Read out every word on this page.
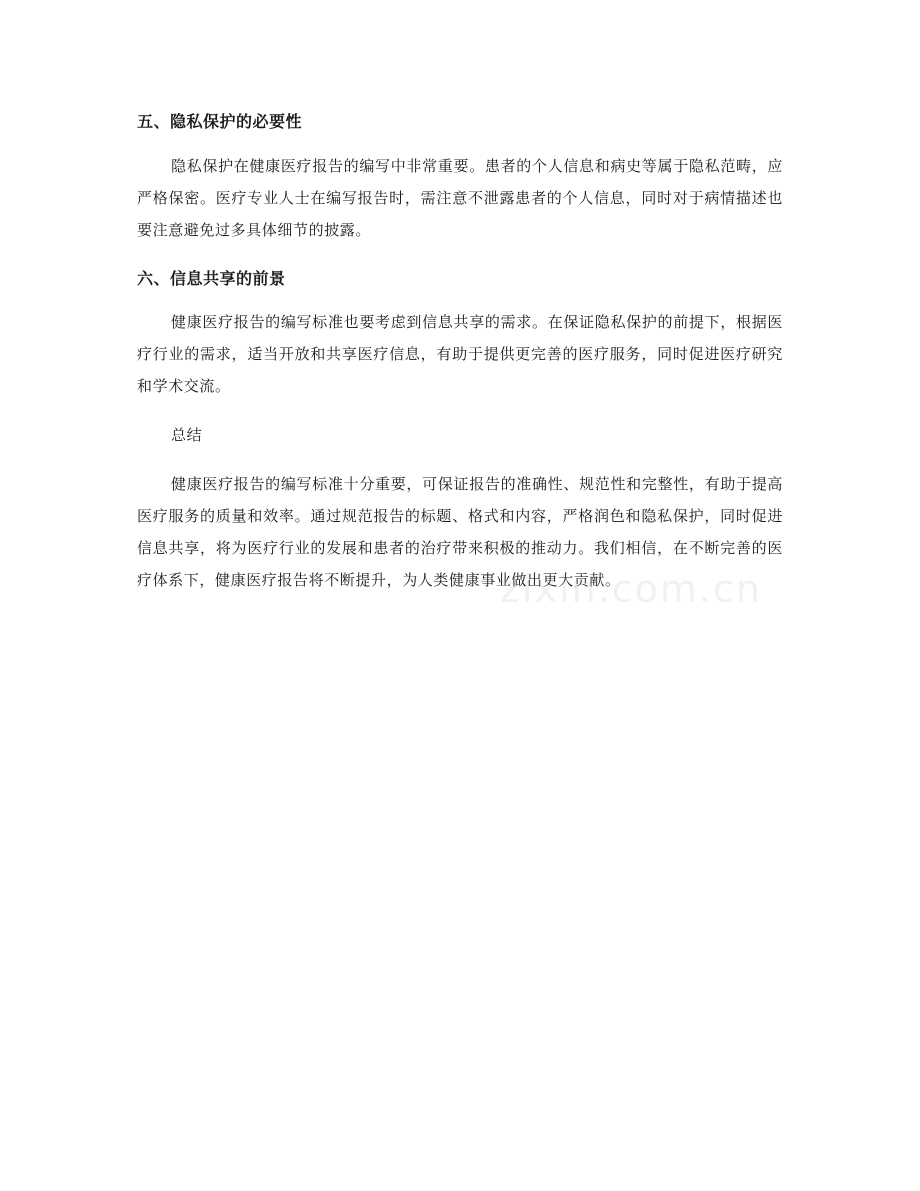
五、隐私保护的必要性

隐私保护在健康医疗报告的编写中非常重要。患者的个人信息和病史等属于隐私范畴，应严格保密。医疗专业人士在编写报告时，需注意不泄露患者的个人信息，同时对于病情描述也要注意避免过多具体细节的披露。

六、信息共享的前景

健康医疗报告的编写标准也要考虑到信息共享的需求。在保证隐私保护的前提下，根据医疗行业的需求，适当开放和共享医疗信息，有助于提供更完善的医疗服务，同时促进医疗研究和学术交流。

总结

健康医疗报告的编写标准十分重要，可保证报告的准确性、规范性和完整性，有助于提高医疗服务的质量和效率。通过规范报告的标题、格式和内容，严格润色和隐私保护，同时促进信息共享，将为医疗行业的发展和患者的治疗带来积极的推动力。我们相信，在不断完善的医疗体系下，健康医疗报告将不断提升，为人类健康事业做出更大贡献。

zixin.com.cn
